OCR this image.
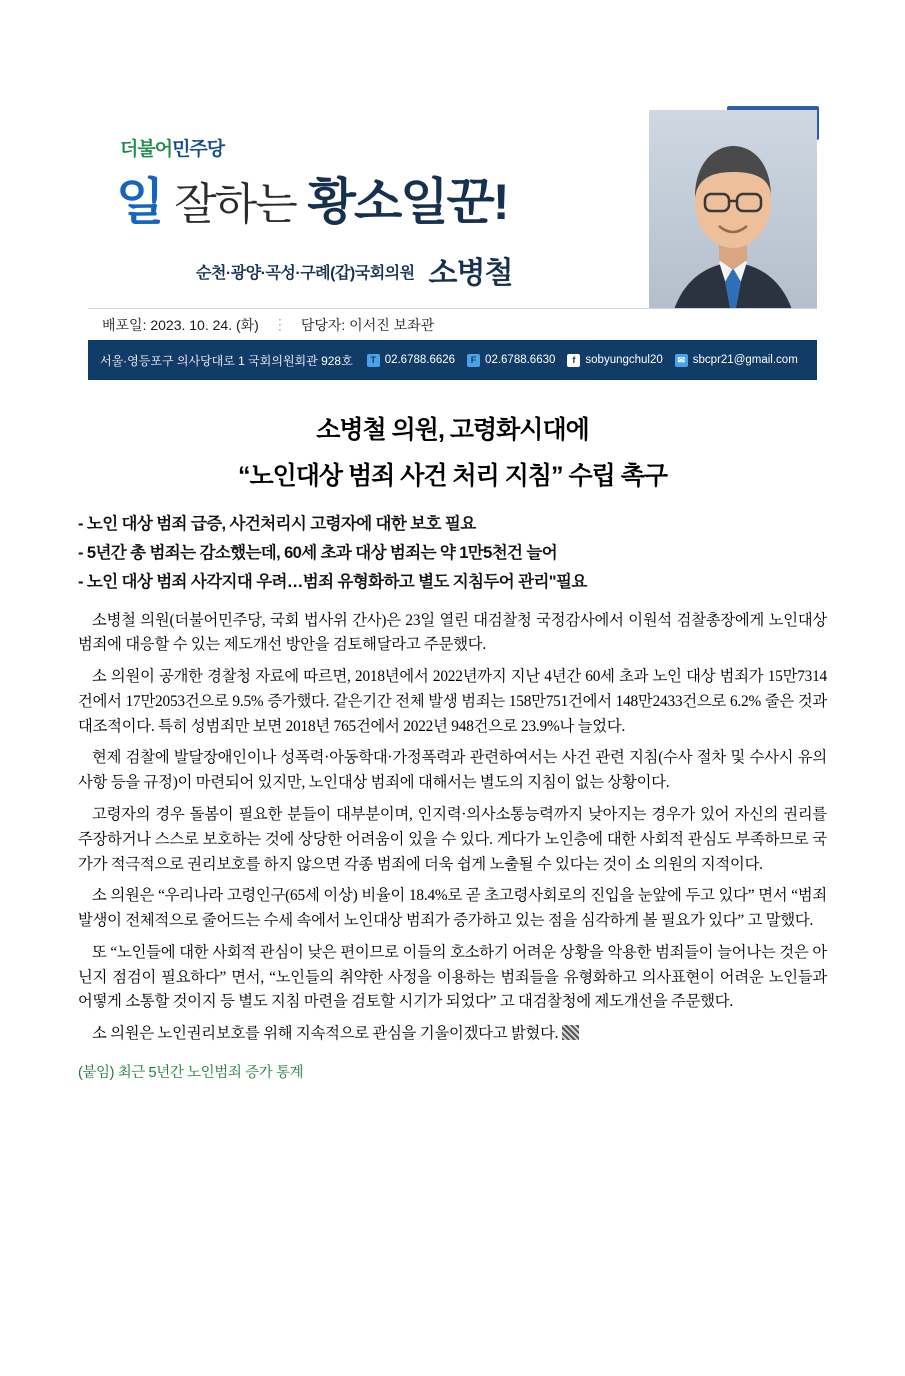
더불어민주당
일 잘하는 황소일꾼!
순천·광양·곡성·구례(갑)국회의원 소병철
배포일: 2023. 10. 24. (화) ⋮ 담당자: 이서진 보좌관
서울·영등포구 의사당대로 1 국회의원회관 928호	T 02.6788.6626	F 02.6788.6630	f sobyungchul20	✉ sbcpr21@gmail.com
소병철 의원, 고령화시대에
“노인대상 범죄 사건 처리 지침” 수립 촉구
- 노인 대상 범죄 급증, 사건처리시 고령자에 대한 보호 필요
- 5년간 총 범죄는 감소했는데, 60세 초과 대상 범죄는 약 1만5천건 늘어
- 노인 대상 범죄 사각지대 우려…범죄 유형화하고 별도 지침두어 관리"필요

소병철 의원(더불어민주당, 국회 법사위 간사)은 23일 열린 대검찰청 국정감사에서 이원석 검찰총장에게 노인대상 범죄에 대응할 수 있는 제도개선 방안을 검토해달라고 주문했다.

소 의원이 공개한 경찰청 자료에 따르면, 2018년에서 2022년까지 지난 4년간 60세 초과 노인 대상 범죄가 15만7314건에서 17만2053건으로 9.5% 증가했다. 같은기간 전체 발생 범죄는 158만751건에서 148만2433건으로 6.2% 줄은 것과 대조적이다. 특히 성범죄만 보면 2018년 765건에서 2022년 948건으로 23.9%나 늘었다.

현제 검찰에 발달장애인이나 성폭력·아동학대·가정폭력과 관련하여서는 사건 관련 지침(수사 절차 및 수사시 유의사항 등을 규정)이 마련되어 있지만, 노인대상 범죄에 대해서는 별도의 지침이 없는 상황이다.

고령자의 경우 돌봄이 필요한 분들이 대부분이며, 인지력·의사소통능력까지 낮아지는 경우가 있어 자신의 권리를 주장하거나 스스로 보호하는 것에 상당한 어려움이 있을 수 있다. 게다가 노인층에 대한 사회적 관심도 부족하므로 국가가 적극적으로 권리보호를 하지 않으면 각종 범죄에 더욱 쉽게 노출될 수 있다는 것이 소 의원의 지적이다.

소 의원은 “우리나라 고령인구(65세 이상) 비율이 18.4%로 곧 초고령사회로의 진입을 눈앞에 두고 있다” 면서 “범죄 발생이 전체적으로 줄어드는 수세 속에서 노인대상 범죄가 증가하고 있는 점을 심각하게 볼 필요가 있다” 고 말했다.

또 “노인들에 대한 사회적 관심이 낮은 편이므로 이들의 호소하기 어려운 상황을 악용한 범죄들이 늘어나는 것은 아닌지 점검이 필요하다” 면서, “노인들의 취약한 사정을 이용하는 범죄들을 유형화하고 의사표현이 어려운 노인들과 어떻게 소통할 것이지 등 별도 지침 마련을 검토할 시기가 되었다” 고 대검찰청에 제도개선을 주문했다.

소 의원은 노인권리보호를 위해 지속적으로 관심을 기울이겠다고 밝혔다.

(붙임) 최근 5년간 노인범죄 증가 통계
